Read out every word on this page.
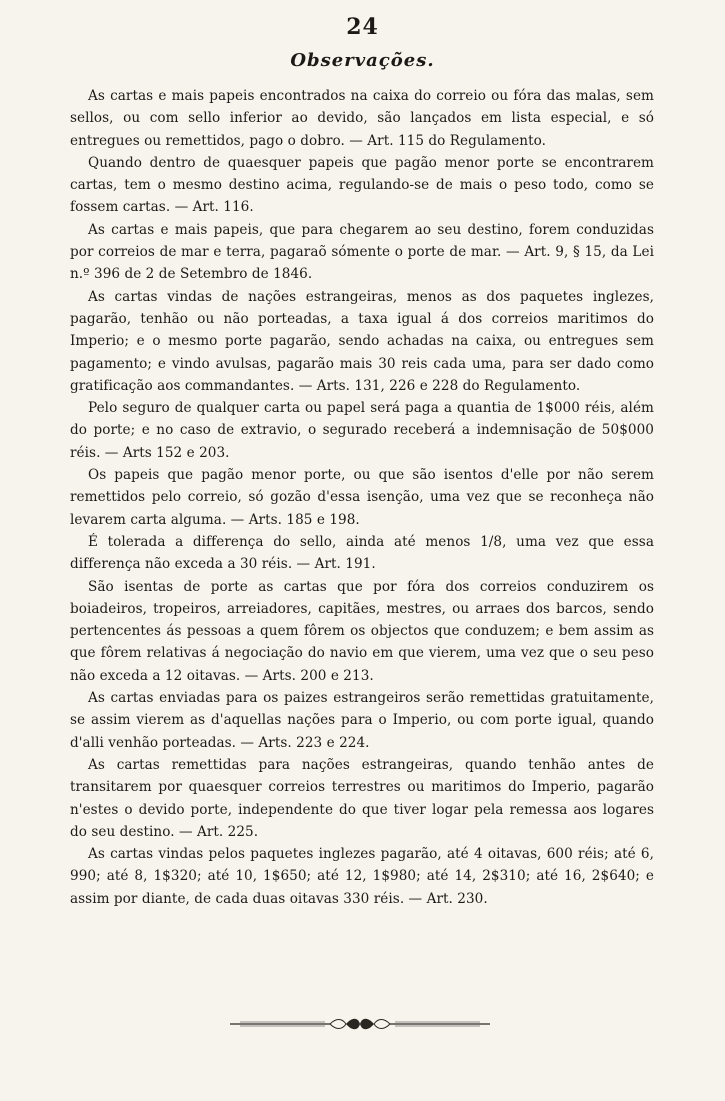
24
Observações.

As cartas e mais papeis encontrados na caixa do correio ou fóra das malas, sem sellos, ou com sello inferior ao devido, são lançados em lista especial, e só entregues ou remettidos, pago o dobro. — Art. 115 do Regulamento.

Quando dentro de quaesquer papeis que pagão menor porte se encontrarem cartas, tem o mesmo destino acima, regulando-se de mais o peso todo, como se fossem cartas. — Art. 116.

As cartas e mais papeis, que para chegarem ao seu destino, forem conduzidas por correios de mar e terra, pagaraõ sómente o porte de mar. — Art. 9, § 15, da Lei n.º 396 de 2 de Setembro de 1846.

As cartas vindas de nações estrangeiras, menos as dos paquetes inglezes, pagarão, tenhão ou não porteadas, a taxa igual á dos correios maritimos do Imperio; e o mesmo porte pagarão, sendo achadas na caixa, ou entregues sem pagamento; e vindo avulsas, pagarão mais 30 reis cada uma, para ser dado como gratificação aos commandantes. — Arts. 131, 226 e 228 do Regulamento.

Pelo seguro de qualquer carta ou papel será paga a quantia de 1$000 réis, além do porte; e no caso de extravio, o segurado receberá a indemnisação de 50$000 réis. — Arts 152 e 203.

Os papeis que pagão menor porte, ou que são isentos d'elle por não serem remettidos pelo correio, só gozão d'essa isenção, uma vez que se reconheça não levarem carta alguma. — Arts. 185 e 198.

É tolerada a differença do sello, ainda até menos 1/8, uma vez que essa differença não exceda a 30 réis. — Art. 191.

São isentas de porte as cartas que por fóra dos correios conduzirem os boiadeiros, tropeiros, arreiadores, capitães, mestres, ou arraes dos barcos, sendo pertencentes ás pessoas a quem fôrem os objectos que conduzem; e bem assim as que fôrem relativas á negociação do navio em que vierem, uma vez que o seu peso não exceda a 12 oitavas. — Arts. 200 e 213.

As cartas enviadas para os paizes estrangeiros serão remettidas gratuitamente, se assim vierem as d'aquellas nações para o Imperio, ou com porte igual, quando d'alli venhão porteadas. — Arts. 223 e 224.

As cartas remettidas para nações estrangeiras, quando tenhão antes de transitarem por quaesquer correios terrestres ou maritimos do Imperio, pagarão n'estes o devido porte, independente do que tiver logar pela remessa aos logares do seu destino. — Art. 225.

As cartas vindas pelos paquetes inglezes pagarão, até 4 oitavas, 600 réis; até 6, 990; até 8, 1$320; até 10, 1$650; até 12, 1$980; até 14, 2$310; até 16, 2$640; e assim por diante, de cada duas oitavas 330 réis. — Art. 230.
